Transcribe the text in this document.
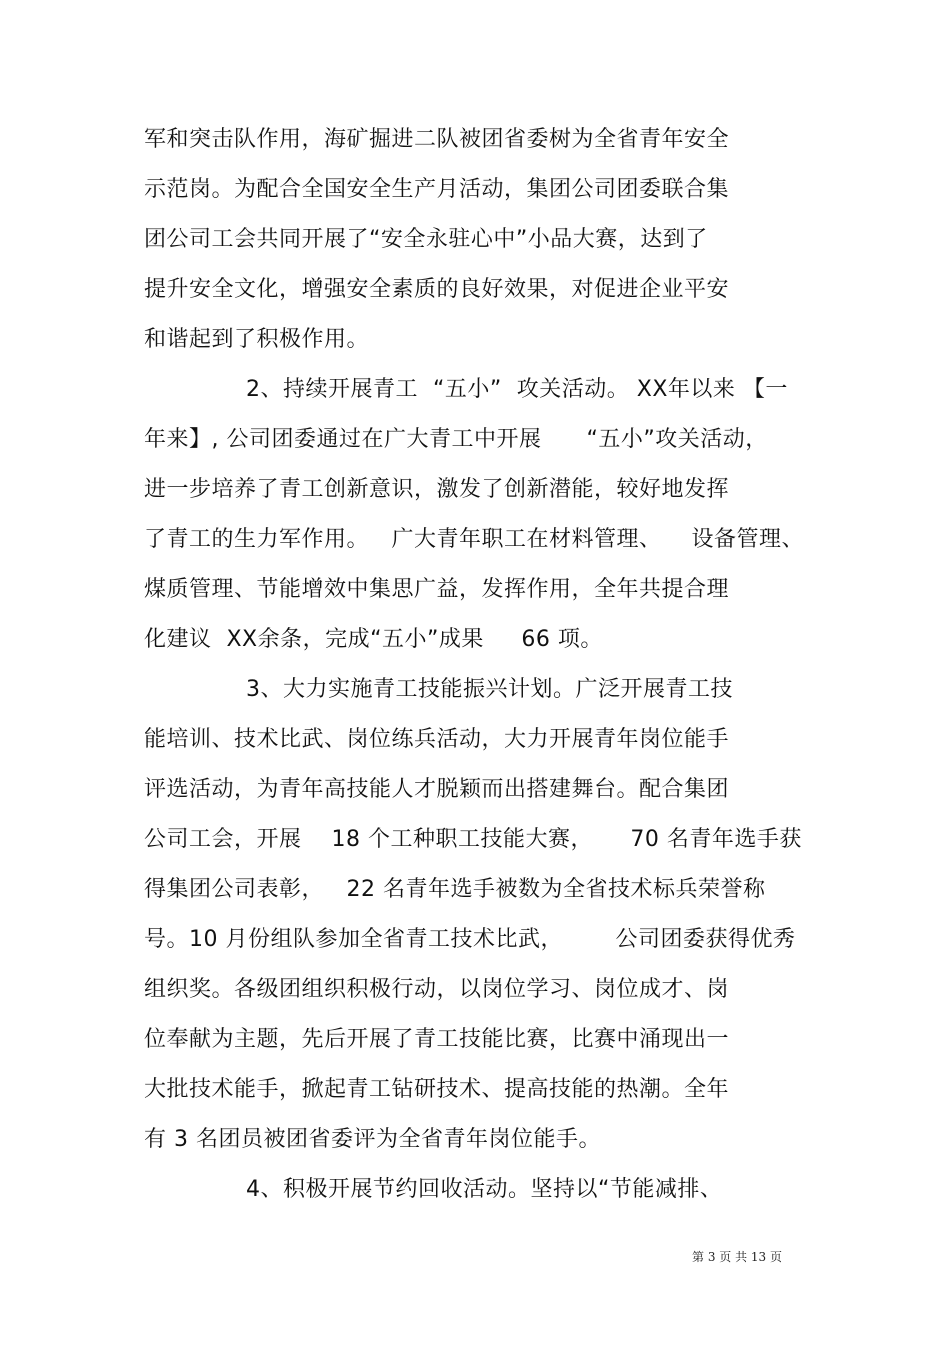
军和突击队作用，海矿掘进二队被团省委树为全省青年安全
示范岗。为配合全国安全生产月活动，集团公司团委联合集
团公司工会共同开展了“安全永驻心中”小品大赛，达到了
提升安全文化，增强安全素质的良好效果，对促进企业平安
和谐起到了积极作用。
2、持续开展青工  “五小”  攻关活动。 XX年以来 【一
年来】, 公司团委通过在广大青工中开展      “五小”攻关活动，
进一步培养了青工创新意识，激发了创新潜能，较好地发挥
了青工的生力军作用。   广大青年职工在材料管理、    设备管理、
煤质管理、节能增效中集思广益，发挥作用，全年共提合理
化建议  XX余条，完成“五小”成果     66 项。
3、大力实施青工技能振兴计划。广泛开展青工技
能培训、技术比武、岗位练兵活动，大力开展青年岗位能手
评选活动，为青年高技能人才脱颖而出搭建舞台。配合集团
公司工会，开展    18 个工种职工技能大赛，     70 名青年选手获
得集团公司表彰，   22 名青年选手被数为全省技术标兵荣誉称
号。10 月份组队参加全省青工技术比武，       公司团委获得优秀
组织奖。各级团组织积极行动，以岗位学习、岗位成才、岗
位奉献为主题，先后开展了青工技能比赛，比赛中涌现出一
大批技术能手，掀起青工钻研技术、提高技能的热潮。全年
有 3 名团员被团省委评为全省青年岗位能手。
4、积极开展节约回收活动。坚持以“节能减排、
第 3 页 共 13 页
